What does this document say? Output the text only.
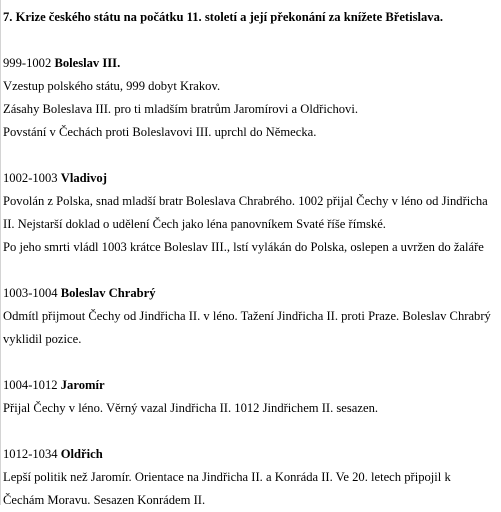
7. Krize českého státu na počátku 11. století a její překonání za knížete Břetislava.

999-1002 Boleslav III.

Vzestup polského státu, 999 dobyt Krakov.

Zásahy Boleslava III. pro ti mladším bratrům Jaromírovi a Oldřichovi.

Povstání v Čechách proti Boleslavovi III. uprchl do Německa.

1002-1003 Vladivoj

Povolán z Polska, snad mladší bratr Boleslava Chrabrého. 1002 přijal Čechy v léno od Jindřicha

II. Nejstarší doklad o udělení Čech jako léna panovníkem Svaté říše římské.

Po jeho smrti vládl 1003 krátce Boleslav III., lstí vylákán do Polska, oslepen a uvržen do žaláře

1003-1004 Boleslav Chrabrý

Odmítl přijmout Čechy od Jindřicha II. v léno. Tažení Jindřicha II. proti Praze. Boleslav Chrabrý

vyklidil pozice.

1004-1012 Jaromír

Přijal Čechy v léno. Věrný vazal Jindřicha II. 1012 Jindřichem II. sesazen.

1012-1034 Oldřich

Lepší politik než Jaromír. Orientace na Jindřicha II. a Konráda II. Ve 20. letech připojil k

Čechám Moravu. Sesazen Konrádem II.
